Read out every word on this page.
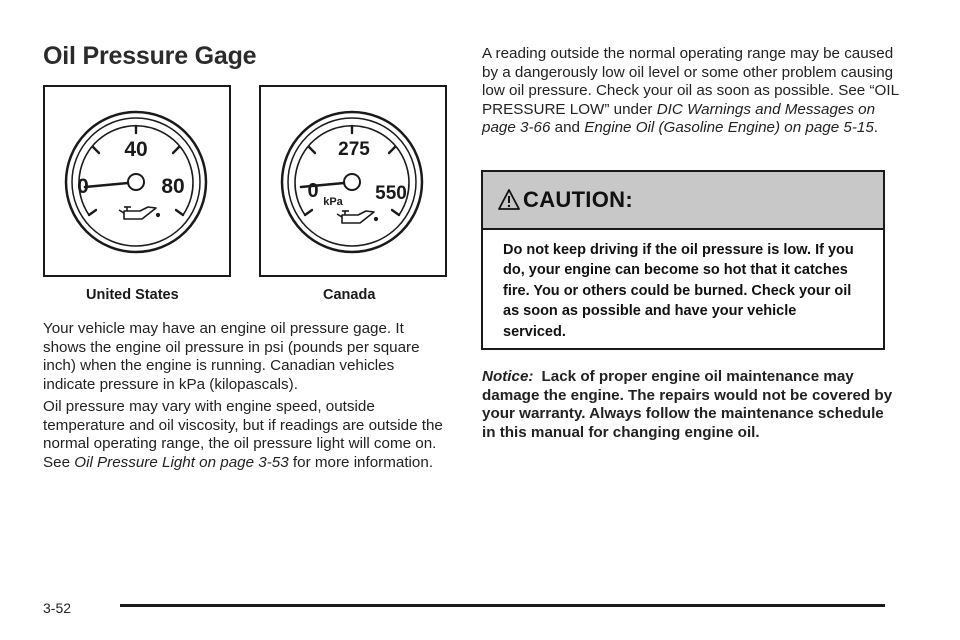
Oil Pressure Gage
40
0	80
United States
275
0	550
kPa
Canada

Your vehicle may have an engine oil pressure gage. It shows the engine oil pressure in psi (pounds per square inch) when the engine is running. Canadian vehicles indicate pressure in kPa (kilopascals).

Oil pressure may vary with engine speed, outside temperature and oil viscosity, but if readings are outside the normal operating range, the oil pressure light will come on. See Oil Pressure Light on page 3-53 for more information.

A reading outside the normal operating range may be caused by a dangerously low oil level or some other problem causing low oil pressure. Check your oil as soon as possible. See “OIL PRESSURE LOW” under DIC Warnings and Messages on page 3-66 and Engine Oil (Gasoline Engine) on page 5-15.

CAUTION:

Do not keep driving if the oil pressure is low. If you do, your engine can become so hot that it catches fire. You or others could be burned. Check your oil as soon as possible and have your vehicle serviced.

Notice: Lack of proper engine oil maintenance may damage the engine. The repairs would not be covered by your warranty. Always follow the maintenance schedule in this manual for changing engine oil.

3-52
